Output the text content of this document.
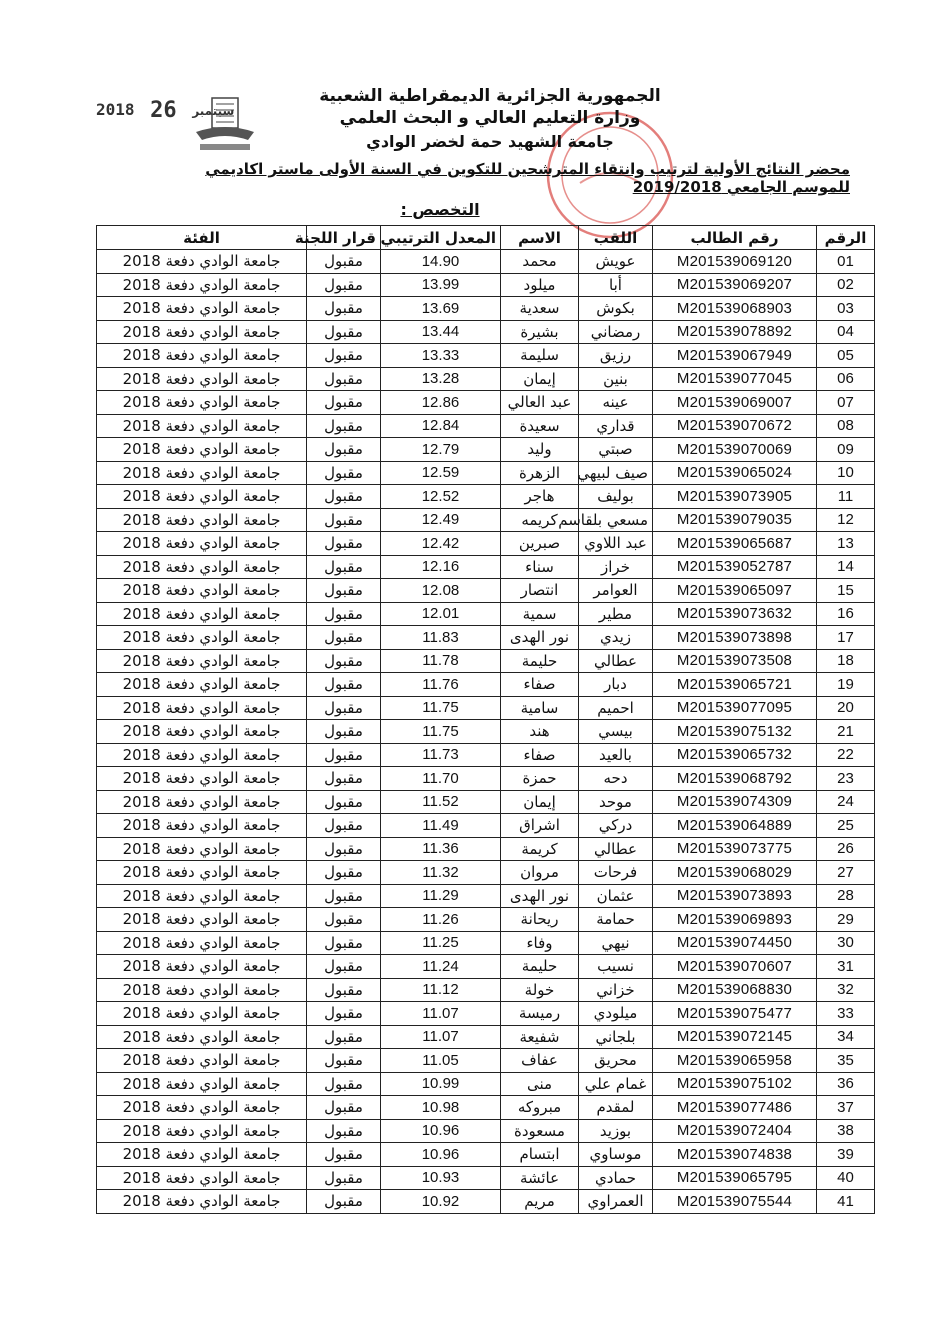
2018	سبتمبر 26
الجمهورية الجزائرية الديمقراطية الشعبية
وزارة التعليم العالي و البحث العلمي
جامعة الشهيد حمة لخضر الوادي
محضر النتائج الأولية لترتيب وانتقاء المترشحين للتكوين في السنة الأولى ماستر اكاديمي للموسم الجامعي 2019/2018
التخصص :
الرقم	رقم الطالب	اللقب	الاسم	المعدل الترتيبي	قرار اللجنة	الفئة
01	M201539069120	عويش	محمد	14.90	مقبول	جامعة الوادي دفعة 2018
02	M201539069207	أبا	ميلود	13.99	مقبول	جامعة الوادي دفعة 2018
03	M201539068903	بكوش	سعدية	13.69	مقبول	جامعة الوادي دفعة 2018
04	M201539078892	رمضاني	بشيرة	13.44	مقبول	جامعة الوادي دفعة 2018
05	M201539067949	رزيق	سليمة	13.33	مقبول	جامعة الوادي دفعة 2018
06	M201539077045	بنين	إيمان	13.28	مقبول	جامعة الوادي دفعة 2018
07	M201539069007	عينه	عبد العالي	12.86	مقبول	جامعة الوادي دفعة 2018
08	M201539070672	قداري	سعيدة	12.84	مقبول	جامعة الوادي دفعة 2018
09	M201539070069	صبتي	وليد	12.79	مقبول	جامعة الوادي دفعة 2018
10	M201539065024	صيف لبيهي	الزهرة	12.59	مقبول	جامعة الوادي دفعة 2018
11	M201539073905	بوليف	هاجر	12.52	مقبول	جامعة الوادي دفعة 2018
12	M201539079035	مسعي بلقاسم	كريمه	12.49	مقبول	جامعة الوادي دفعة 2018
13	M201539065687	عبد اللاوي	صبرين	12.42	مقبول	جامعة الوادي دفعة 2018
14	M201539052787	خراز	سناء	12.16	مقبول	جامعة الوادي دفعة 2018
15	M201539065097	العوامر	انتصار	12.08	مقبول	جامعة الوادي دفعة 2018
16	M201539073632	مطير	سمية	12.01	مقبول	جامعة الوادي دفعة 2018
17	M201539073898	زيدي	نور الهدى	11.83	مقبول	جامعة الوادي دفعة 2018
18	M201539073508	عطالي	حليمة	11.78	مقبول	جامعة الوادي دفعة 2018
19	M201539065721	دبار	صفاء	11.76	مقبول	جامعة الوادي دفعة 2018
20	M201539077095	احميم	سامية	11.75	مقبول	جامعة الوادي دفعة 2018
21	M201539075132	بيسي	هند	11.75	مقبول	جامعة الوادي دفعة 2018
22	M201539065732	بالعيد	صفاء	11.73	مقبول	جامعة الوادي دفعة 2018
23	M201539068792	دحه	حمزة	11.70	مقبول	جامعة الوادي دفعة 2018
24	M201539074309	موحد	إيمان	11.52	مقبول	جامعة الوادي دفعة 2018
25	M201539064889	دركي	اشراق	11.49	مقبول	جامعة الوادي دفعة 2018
26	M201539073775	عطالي	كريمة	11.36	مقبول	جامعة الوادي دفعة 2018
27	M201539068029	فرحات	مروان	11.32	مقبول	جامعة الوادي دفعة 2018
28	M201539073893	عثمان	نور الهدى	11.29	مقبول	جامعة الوادي دفعة 2018
29	M201539069893	حمامة	ريحانة	11.26	مقبول	جامعة الوادي دفعة 2018
30	M201539074450	نيهي	وفاء	11.25	مقبول	جامعة الوادي دفعة 2018
31	M201539070607	نسيب	حليمة	11.24	مقبول	جامعة الوادي دفعة 2018
32	M201539068830	خزاني	خولة	11.12	مقبول	جامعة الوادي دفعة 2018
33	M201539075477	ميلودي	رميسة	11.07	مقبول	جامعة الوادي دفعة 2018
34	M201539072145	بلجاني	شفيعة	11.07	مقبول	جامعة الوادي دفعة 2018
35	M201539065958	محريق	عفاف	11.05	مقبول	جامعة الوادي دفعة 2018
36	M201539075102	غمام علي	منى	10.99	مقبول	جامعة الوادي دفعة 2018
37	M201539077486	لمقدم	مبروكه	10.98	مقبول	جامعة الوادي دفعة 2018
38	M201539072404	بوزيد	مسعودة	10.96	مقبول	جامعة الوادي دفعة 2018
39	M201539074838	موساوي	ابتسام	10.96	مقبول	جامعة الوادي دفعة 2018
40	M201539065795	حمادي	عائشة	10.93	مقبول	جامعة الوادي دفعة 2018
41	M201539075544	العمراوي	مريم	10.92	مقبول	جامعة الوادي دفعة 2018
